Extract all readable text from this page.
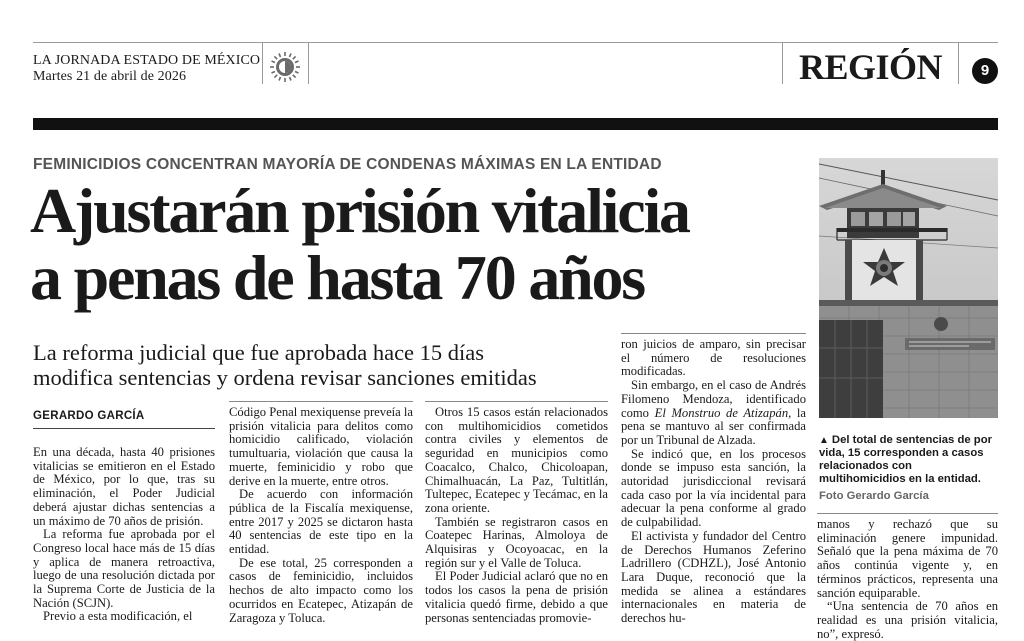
LA JORNADA ESTADO DE MÉXICO
Martes 21 de abril de 2026	REGIÓN	9
FEMINICIDIOS CONCENTRAN MAYORÍA DE CONDENAS MÁXIMAS EN LA ENTIDAD
Ajustarán prisión vitalicia
a penas de hasta 70 años
La reforma judicial que fue aprobada hace 15 días
modifica sentencias y ordena revisar sanciones emitidas
GERARDO GARCÍA

En una década, hasta 40 prisiones vitalicias se emitieron en el Estado de México, por lo que, tras su eliminación, el Poder Judicial deberá ajustar dichas sentencias a un máximo de 70 años de prisión.

La reforma fue aprobada por el Congreso local hace más de 15 días y aplica de manera retroactiva, luego de una resolución dictada por la Suprema Corte de Justicia de la Nación (SCJN).

Previo a esta modificación, el

Código Penal mexiquense preveía la prisión vitalicia para delitos como homicidio calificado, violación tumultuaria, violación que causa la muerte, feminicidio y robo que derive en la muerte, entre otros.

De acuerdo con información pública de la Fiscalía mexiquense, entre 2017 y 2025 se dictaron hasta 40 sentencias de este tipo en la entidad.

De ese total, 25 corresponden a casos de feminicidio, incluidos hechos de alto impacto como los ocurridos en Ecatepec, Atizapán de Zaragoza y Toluca.

Otros 15 casos están relacionados con multihomicidios cometidos contra civiles y elementos de seguridad en municipios como Coacalco, Chalco, Chicoloapan, Chimalhuacán, La Paz, Tultitlán, Tultepec, Ecatepec y Tecámac, en la zona oriente.

También se registraron casos en Coatepec Harinas, Almoloya de Alquisiras y Ocoyoacac, en la región sur y el Valle de Toluca.

El Poder Judicial aclaró que no en todos los casos la pena de prisión vitalicia quedó firme, debido a que personas sentenciadas promovie-

ron juicios de amparo, sin precisar el número de resoluciones modificadas.

Sin embargo, en el caso de Andrés Filomeno Mendoza, identificado como El Monstruo de Atizapán, la pena se mantuvo al ser confirmada por un Tribunal de Alzada.

Se indicó que, en los procesos donde se impuso esta sanción, la autoridad jurisdiccional revisará cada caso por la vía incidental para adecuar la pena conforme al grado de culpabilidad.

El activista y fundador del Centro de Derechos Humanos Zeferino Ladrillero (CDHZL), José Antonio Lara Duque, reconoció que la medida se alinea a estándares internacionales en materia de derechos hu-

manos y rechazó que su eliminación genere impunidad. Señaló que la pena máxima de 70 años continúa vigente y, en términos prácticos, representa una sanción equiparable.

“Una sentencia de 70 años en realidad es una prisión vitalicia, no”, expresó.

▲ Del total de sentencias de por vida, 15 corresponden a casos relacionados con multihomicidios en la entidad.
Foto Gerardo García
